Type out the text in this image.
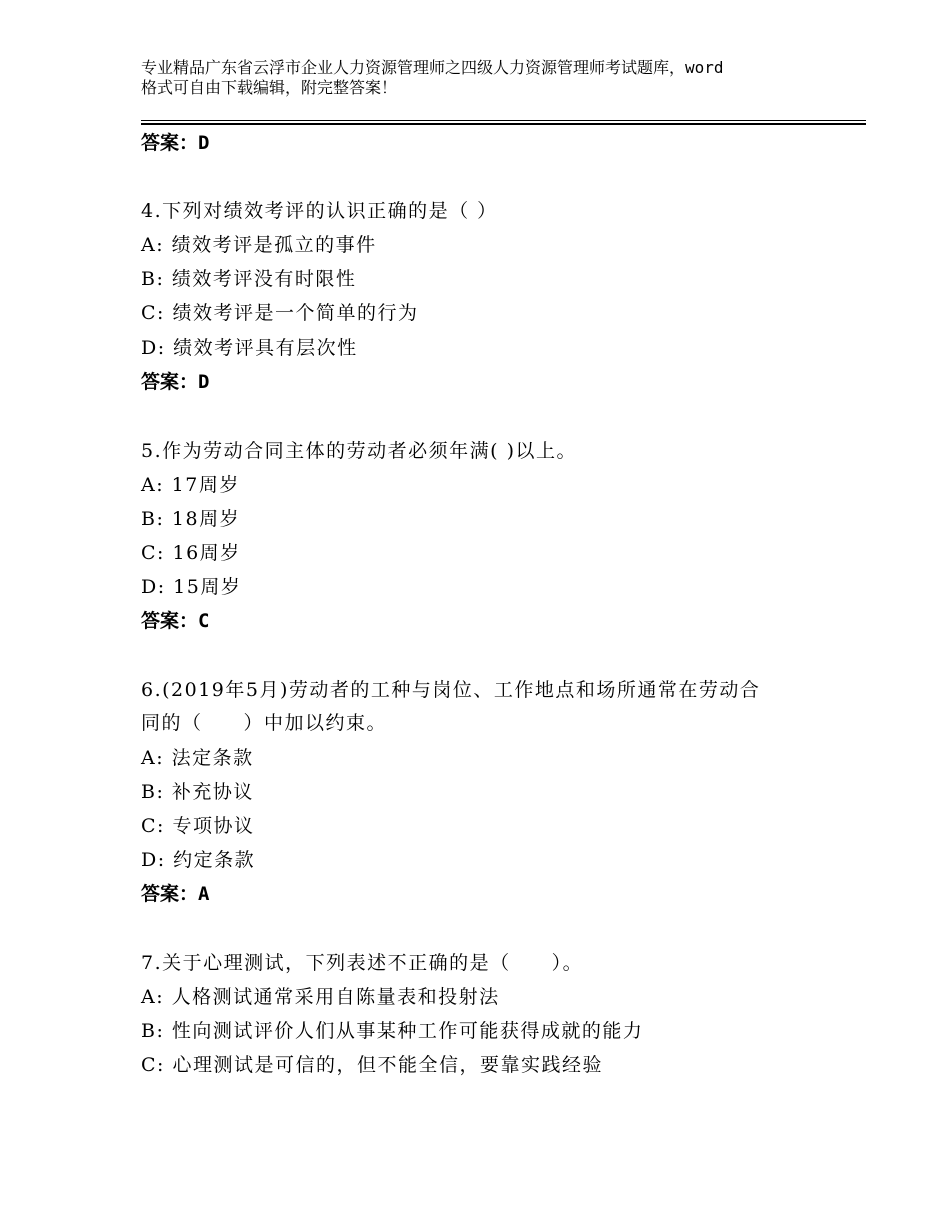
专业精品广东省云浮市企业人力资源管理师之四级人力资源管理师考试题库，word
格式可自由下载编辑，附完整答案！
答案：D
4.下列对绩效考评的认识正确的是（ ）
A: 绩效考评是孤立的事件
B: 绩效考评没有时限性
C: 绩效考评是一个简单的行为
D: 绩效考评具有层次性
答案：D
5.作为劳动合同主体的劳动者必须年满( )以上。
A: 17周岁
B: 18周岁
C: 16周岁
D: 15周岁
答案：C
6.(2019年5月)劳动者的工种与岗位、工作地点和场所通常在劳动合
同的（　　）中加以约束。
A: 法定条款
B: 补充协议
C: 专项协议
D: 约定条款
答案：A
7.关于心理测试，下列表述不正确的是（　　）。
A: 人格测试通常采用自陈量表和投射法
B: 性向测试评价人们从事某种工作可能获得成就的能力
C: 心理测试是可信的，但不能全信，要靠实践经验
